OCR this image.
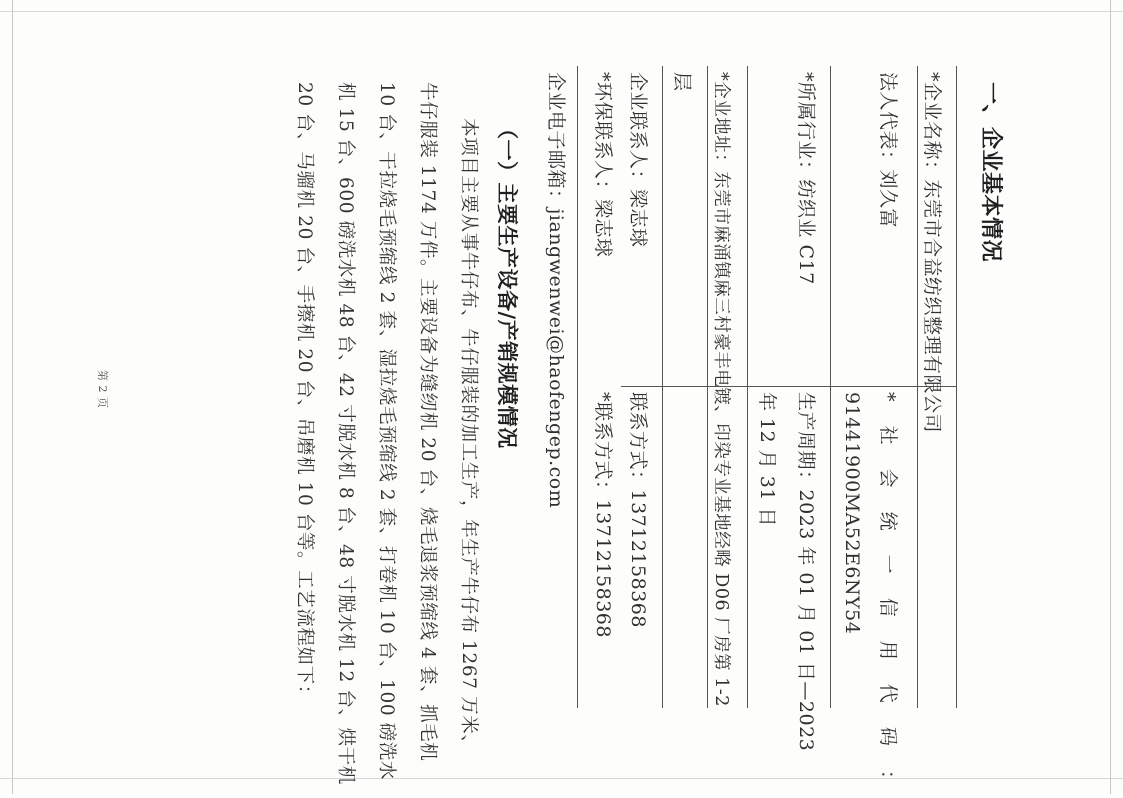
一、企业基本情况
*企业名称：东莞市合益纺织整理有限公司
法人代表：刘久富
* 社 会 统 一 信 用 代 码 ：
91441900MA52E6NY54
*所属行业：纺织业 C17
生产周期：2023 年 01 月 01 日—2023
年 12 月 31 日
*企业地址：东莞市麻涌镇麻三村豪丰电镀、印染专业基地经略 D06 厂房第 1-2
层
企业联系人：梁志球
联系方式：13712158368
*环保联系人：梁志球
*联系方式：13712158368
企业电子邮箱：jiangwenwei@haofengep.com
（一）主要生产设备/产销规模情况
本项目主要从事牛仔布、牛仔服装的加工生产，年生产牛仔布 1267 万米、
牛仔服装 1174 万件。主要设备为缝纫机 20 台、烧毛退浆预缩线 4 套、抓毛机
10 台、干拉烧毛预缩线 2 套、湿拉烧毛预缩线 2 套、打卷机 10 台、100 磅洗水
机 15 台、600 磅洗水机 48 台、42 寸脱水机 8 台、48 寸脱水机 12 台、烘干机
20 台、马骝机 20 台、手擦机 20 台、吊磨机 10 台等。工艺流程如下：
第 2 页
